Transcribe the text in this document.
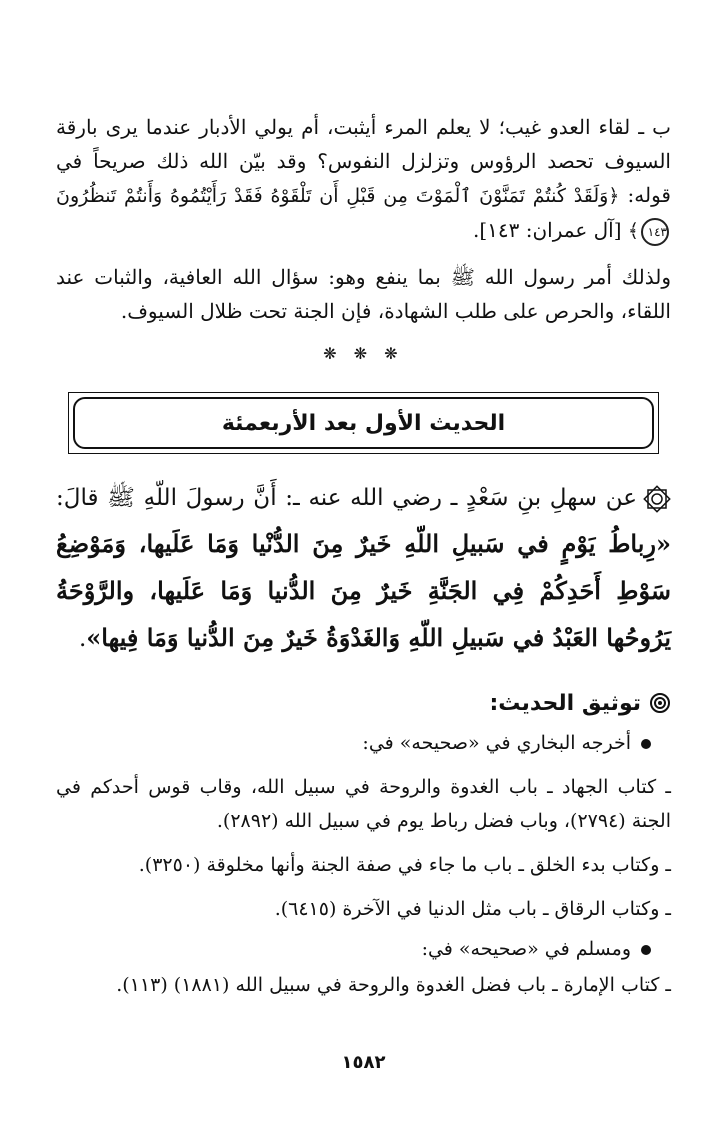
ب ـ لقاء العدو غيب؛ لا يعلم المرء أيثبت، أم يولي الأدبار عندما يرى بارقة السيوف تحصد الرؤوس وتزلزل النفوس؟ وقد بيّن الله ذلك صريحاً في قوله: ﴿وَلَقَدْ كُنتُمْ تَمَنَّوْنَ ٱلْمَوْتَ مِن قَبْلِ أَن تَلْقَوْهُ فَقَدْ رَأَيْتُمُوهُ وَأَنتُمْ تَنظُرُونَ ١٤٣﴾ [آل عمران: ١٤٣].

ولذلك أمر رسول الله ﷺ بما ينفع وهو: سؤال الله العافية، والثبات عند اللقاء، والحرص على طلب الشهادة، فإن الجنة تحت ظلال السيوف.

❋ ❋ ❋
الحديث الأول بعد الأربعمئة

عن سهلِ بنِ سَعْدٍ ـ رضي الله عنه ـ: أَنَّ رسولَ اللّهِ ﷺ قالَ: «رِباطُ يَوْمٍ في سَبيلِ اللّهِ خَيرٌ مِنَ الدُّنْيا وَمَا عَلَيها، وَمَوْضِعُ سَوْطِ أَحَدِكُمْ فِي الجَنَّةِ خَيرٌ مِنَ الدُّنيا وَمَا عَلَيها، والرَّوْحَةُ يَرُوحُها العَبْدُ في سَبيلِ اللّهِ وَالغَدْوَةُ خَيرٌ مِنَ الدُّنيا وَمَا فِيها».

توثيق الحديث:

أخرجه البخاري في «صحيحه» في:

ـ كتاب الجهاد ـ باب الغدوة والروحة في سبيل الله، وقاب قوس أحدكم في الجنة (٢٧٩٤)، وباب فضل رباط يوم في سبيل الله (٢٨٩٢).

ـ وكتاب بدء الخلق ـ باب ما جاء في صفة الجنة وأنها مخلوقة (٣٢٥٠).

ـ وكتاب الرقاق ـ باب مثل الدنيا في الآخرة (٦٤١٥).

ومسلم في «صحيحه» في:

ـ كتاب الإمارة ـ باب فضل الغدوة والروحة في سبيل الله (١٨٨١) (١١٣).

١٥٨٢
